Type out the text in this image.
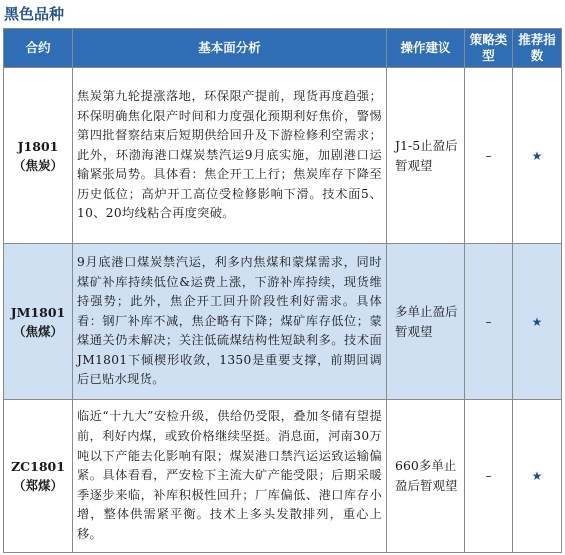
黑色品种
合约	基本面分析	操作建议	策略类型	推荐指数

J1801
（焦炭）	焦炭第九轮提涨落地，环保限产提前，现货再度趋强；环保明确焦化限产时间和力度强化预期利好焦价，警惕第四批督察结束后短期供给回升及下游检修利空需求；此外，环渤海港口煤炭禁汽运9月底实施，加剧港口运输紧张局势。具体看：焦企开工上行；焦炭库存下降至历史低位；高炉开工高位受检修影响下滑。技术面5、10、20均线粘合再度突破。	J1-5止盈后暂观望	–	★

JM1801
（焦煤）	9月底港口煤炭禁汽运，利多内焦煤和蒙煤需求，同时煤矿补库持续低位&运费上涨，下游补库持续，现货维持强势；此外，焦企开工回升阶段性利好需求。具体看：钢厂补库不减，焦企略有下降；煤矿库存低位；蒙煤通关仍未解决；关注低硫煤结构性短缺利多。技术面JM1801下倾楔形收敛，1350是重要支撑，前期回调后已贴水现货。	多单止盈后暂观望	–	★

ZC1801
（郑煤）	临近“十九大”安检升级，供给仍受限，叠加冬储有望提前，利好内煤，或致价格继续坚挺。消息面，河南30万吨以下产能去化影响有限；煤炭港口禁汽运运致运输偏紧。具体看看，严安检下主流大矿产能受限；后期采暖季逐步来临，补库积极性回升；厂库偏低、港口库存小增，整体供需紧平衡。技术上多头发散排列，重心上移。	660多单止盈后暂观望	–	★
